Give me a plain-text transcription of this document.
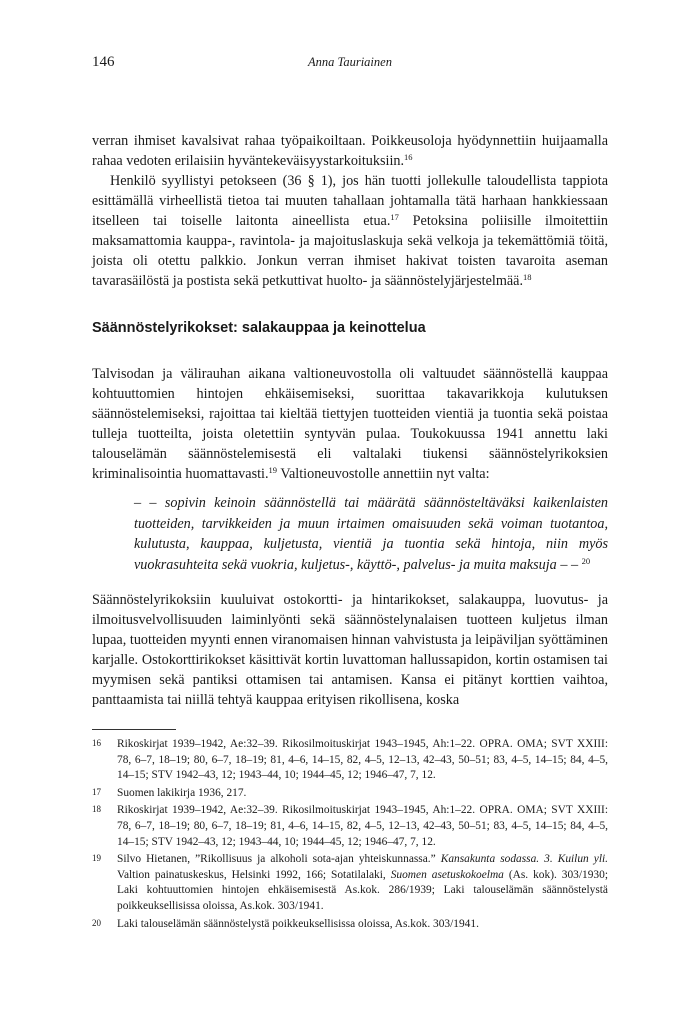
146	Anna Tauriainen

verran ihmiset kavalsivat rahaa työpaikoiltaan. Poikkeusoloja hyödynnettiin huijaamalla rahaa vedoten erilaisiin hyväntekeväisyystarkoituksiin.$^{16}$

Henkilö syyllistyi petokseen (36 § 1), jos hän tuotti jollekulle taloudellista tappiota esittämällä virheellistä tietoa tai muuten tahallaan johtamalla tätä harhaan hankkiessaan itselleen tai toiselle laitonta aineellista etua.$^{17}$ Petoksina poliisille ilmoitettiin maksamattomia kauppa-, ravintola- ja majoituslaskuja sekä velkoja ja tekemättömiä töitä, joista oli otettu palkkio. Jonkun verran ihmiset hakivat toisten tavaroita aseman tavarasäilöstä ja postista sekä petkuttivat huolto- ja säännöstelyjärjestelmää.$^{18}$

Säännöstelyrikokset: salakauppaa ja keinottelua

Talvisodan ja välirauhan aikana valtioneuvostolla oli valtuudet säännöstellä kauppaa kohtuuttomien hintojen ehkäisemiseksi, suorittaa takavarikkoja kulutuksen säännöstelemiseksi, rajoittaa tai kieltää tiettyjen tuotteiden vientiä ja tuontia sekä poistaa tulleja tuotteilta, joista oletettiin syntyvän pulaa. Toukokuussa 1941 annettu laki talouselämän säännöstelemisestä eli valtalaki tiukensi säännöstelyrikoksien kriminalisointia huomattavasti.$^{19}$ Valtioneuvostolle annettiin nyt valta:

– – sopivin keinoin säännöstellä tai määrätä säännösteltäväksi kaikenlaisten tuotteiden, tarvikkeiden ja muun irtaimen omaisuuden sekä voiman tuotantoa, kulutusta, kauppaa, kuljetusta, vientiä ja tuontia sekä hintoja, niin myös vuokrasuhteita sekä vuokria, kuljetus-, käyttö-, palvelus- ja muita maksuja – – $^{20}$

Säännöstelyrikoksiin kuuluivat ostokortti- ja hintarikokset, salakauppa, luovutus- ja ilmoitusvelvollisuuden laiminlyönti sekä säännöstelynalaisen tuotteen kuljetus ilman lupaa, tuotteiden myynti ennen viranomaisen hinnan vahvistusta ja leipäviljan syöttäminen karjalle. Ostokorttirikokset käsittivät kortin luvattoman hallussapidon, kortin ostamisen tai myymisen sekä pantiksi ottamisen tai antamisen. Kansa ei pitänyt korttien vaihtoa, panttaamista tai niillä tehtyä kauppaa erityisen rikollisena, koska

16 Rikoskirjat 1939–1942, Ae:32–39. Rikosilmoituskirjat 1943–1945, Ah:1–22. OPRA. OMA; SVT XXIII: 78, 6–7, 18–19; 80, 6–7, 18–19; 81, 4–6, 14–15, 82, 4–5, 12–13, 42–43, 50–51; 83, 4–5, 14–15; 84, 4–5, 14–15; STV 1942–43, 12; 1943–44, 10; 1944–45, 12; 1946–47, 7, 12.

17 Suomen lakikirja 1936, 217.

18 Rikoskirjat 1939–1942, Ae:32–39. Rikosilmoituskirjat 1943–1945, Ah:1–22. OPRA. OMA; SVT XXIII: 78, 6–7, 18–19; 80, 6–7, 18–19; 81, 4–6, 14–15, 82, 4–5, 12–13, 42–43, 50–51; 83, 4–5, 14–15; 84, 4–5, 14–15; STV 1942–43, 12; 1943–44, 10; 1944–45, 12; 1946–47, 7, 12.

19 Silvo Hietanen, ”Rikollisuus ja alkoholi sota-ajan yhteiskunnassa.” Kansakunta sodassa. 3. Kuilun yli. Valtion painatuskeskus, Helsinki 1992, 166; Sotatilalaki, Suomen asetuskokoelma (As. kok). 303/1930; Laki kohtuuttomien hintojen ehkäisemisestä As.kok. 286/1939; Laki talouselämän säännöstelystä poikkeuksellisissa oloissa, As.kok. 303/1941.

20 Laki talouselämän säännöstelystä poikkeuksellisissa oloissa, As.kok. 303/1941.
